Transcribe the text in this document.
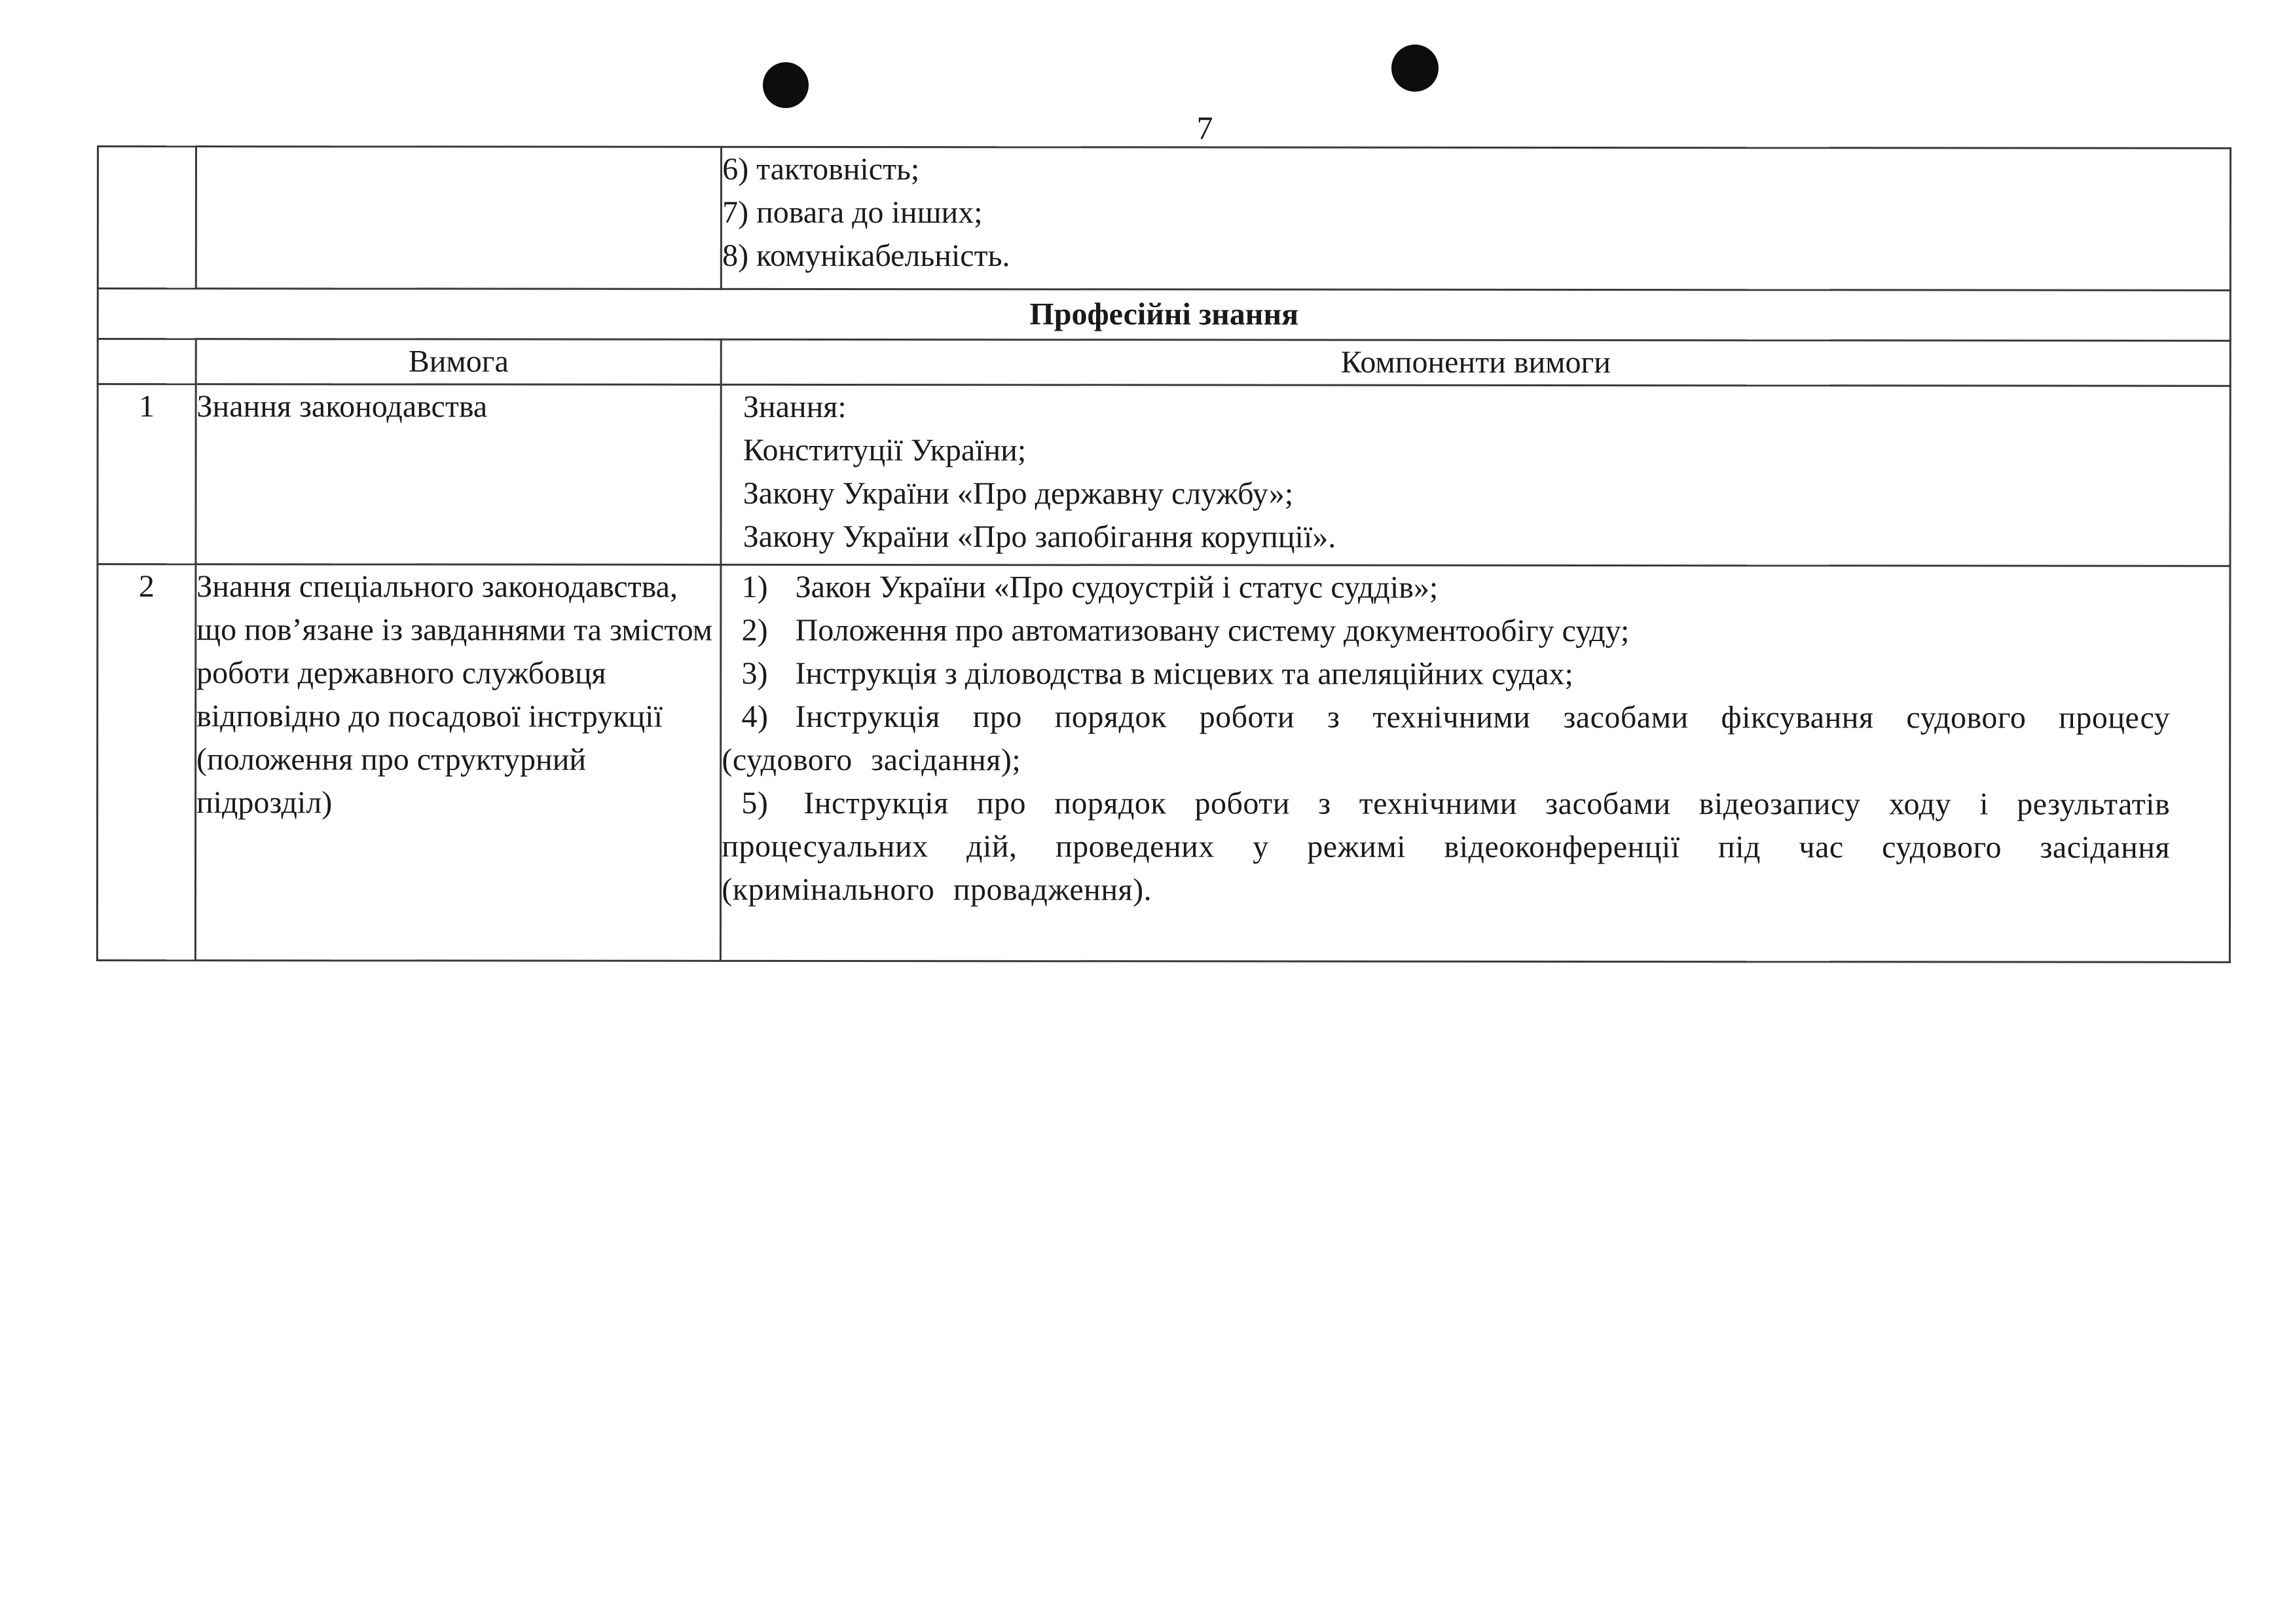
7

		6) тактовність;
7) повага до інших;
8) комунікабельність.

Професійні знання		
	Вимога	Компоненти вимоги
1	Знання законодавства	Знання:
Конституції України;
Закону України «Про державну службу»;
Закону України «Про запобігання корупції».

2	Знання спеціального законодавства, що пов’язане із завданнями та змістом роботи державного службовця відповідно до посадової інструкції (положення про структурний підрозділ)	1) Закон України «Про судоустрій і статус суддів»;
2) Положення про автоматизовану систему документообігу суду;
3) Інструкція з діловодства в місцевих та апеляційних судах;
4) Інструкція про порядок роботи з технічними засобами фіксування судового процесу (судового засідання);
5) Інструкція про порядок роботи з технічними засобами відеозапису ходу і результатів процесуальних дій, проведених у режимі відеоконференції під час судового засідання (кримінального провадження).
